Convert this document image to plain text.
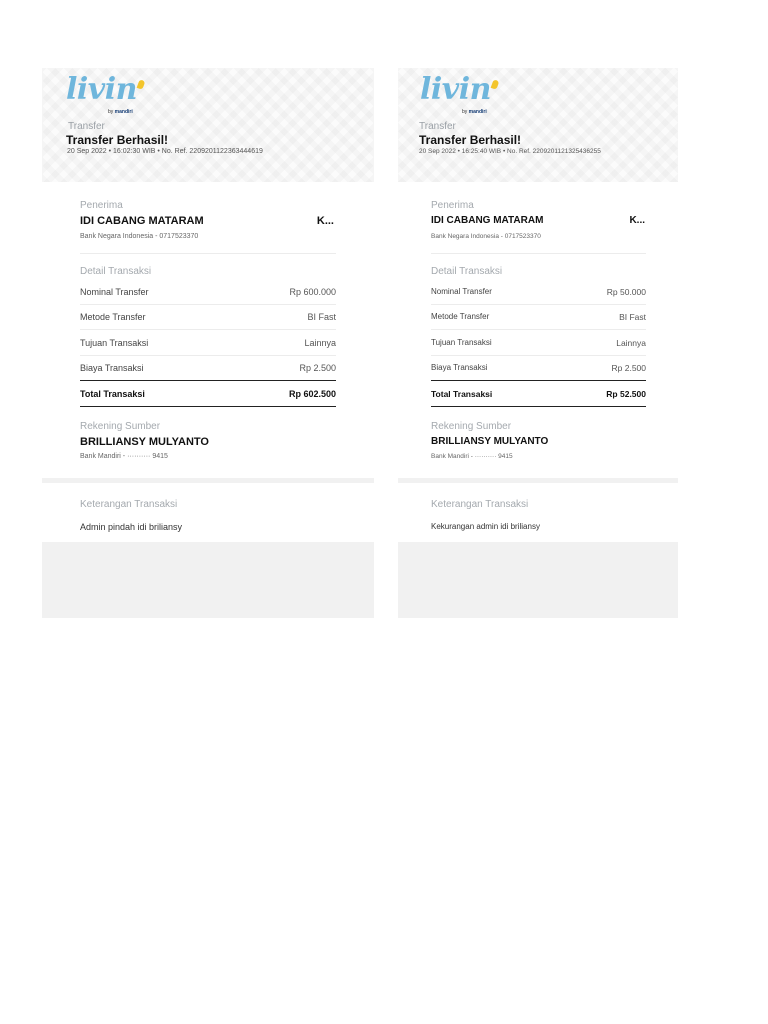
livin
by mandiri
Transfer
Transfer Berhasil!
20 Sep 2022 • 16:02:30 WIB • No. Ref. 2209201122363444619
Penerima
IDI CABANG MATARAM	K...
Bank Negara Indonesia - 0717523370
Detail Transaksi
Nominal Transfer	Rp 600.000
Metode Transfer	BI Fast
Tujuan Transaksi	Lainnya
Biaya Transaksi	Rp 2.500
Total Transaksi	Rp 602.500
Rekening Sumber
BRILLIANSY MULYANTO
Bank Mandiri - ·········· 9415
Keterangan Transaksi
Admin pindah idi briliansy
livin
by mandiri
Transfer
Transfer Berhasil!
20 Sep 2022 • 16:25:40 WIB • No. Ref. 2209201121325436255
Penerima
IDI CABANG MATARAM	K...
Bank Negara Indonesia - 0717523370
Detail Transaksi
Nominal Transfer	Rp 50.000
Metode Transfer	BI Fast
Tujuan Transaksi	Lainnya
Biaya Transaksi	Rp 2.500
Total Transaksi	Rp 52.500
Rekening Sumber
BRILLIANSY MULYANTO
Bank Mandiri - ·········· 9415
Keterangan Transaksi
Kekurangan admin idi briliansy
